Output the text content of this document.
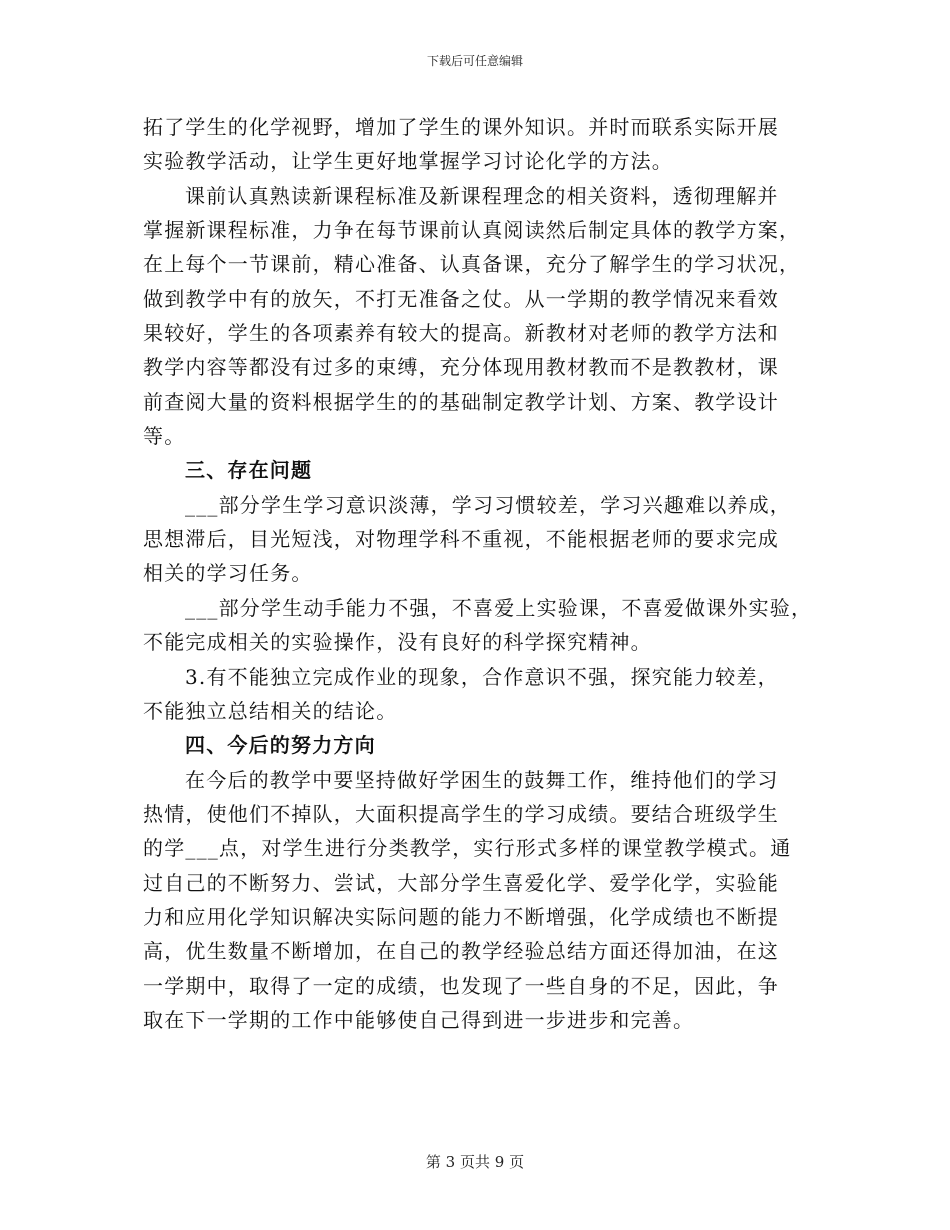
下载后可任意编辑
拓了学生的化学视野，增加了学生的课外知识。并时而联系实际开展
实验教学活动，让学生更好地掌握学习讨论化学的方法。
课前认真熟读新课程标准及新课程理念的相关资料，透彻理解并
掌握新课程标准，力争在每节课前认真阅读然后制定具体的教学方案，
在上每个一节课前，精心准备、认真备课，充分了解学生的学习状况，
做到教学中有的放矢，不打无准备之仗。从一学期的教学情况来看效
果较好，学生的各项素养有较大的提高。新教材对老师的教学方法和
教学内容等都没有过多的束缚，充分体现用教材教而不是教教材，课
前查阅大量的资料根据学生的的基础制定教学计划、方案、教学设计
等。
三、存在问题
___部分学生学习意识淡薄，学习习惯较差，学习兴趣难以养成，
思想滞后，目光短浅，对物理学科不重视，不能根据老师的要求完成
相关的学习任务。
___部分学生动手能力不强，不喜爱上实验课，不喜爱做课外实验，
不能完成相关的实验操作，没有良好的科学探究精神。
3.有不能独立完成作业的现象，合作意识不强，探究能力较差，
不能独立总结相关的结论。
四、今后的努力方向
在今后的教学中要坚持做好学困生的鼓舞工作，维持他们的学习
热情，使他们不掉队，大面积提高学生的学习成绩。要结合班级学生
的学___点，对学生进行分类教学，实行形式多样的课堂教学模式。通
过自己的不断努力、尝试，大部分学生喜爱化学、爱学化学，实验能
力和应用化学知识解决实际问题的能力不断增强，化学成绩也不断提
高，优生数量不断增加，在自己的教学经验总结方面还得加油，在这
一学期中，取得了一定的成绩，也发现了一些自身的不足，因此，争
取在下一学期的工作中能够使自己得到进一步进步和完善。
第 3 页共 9 页
